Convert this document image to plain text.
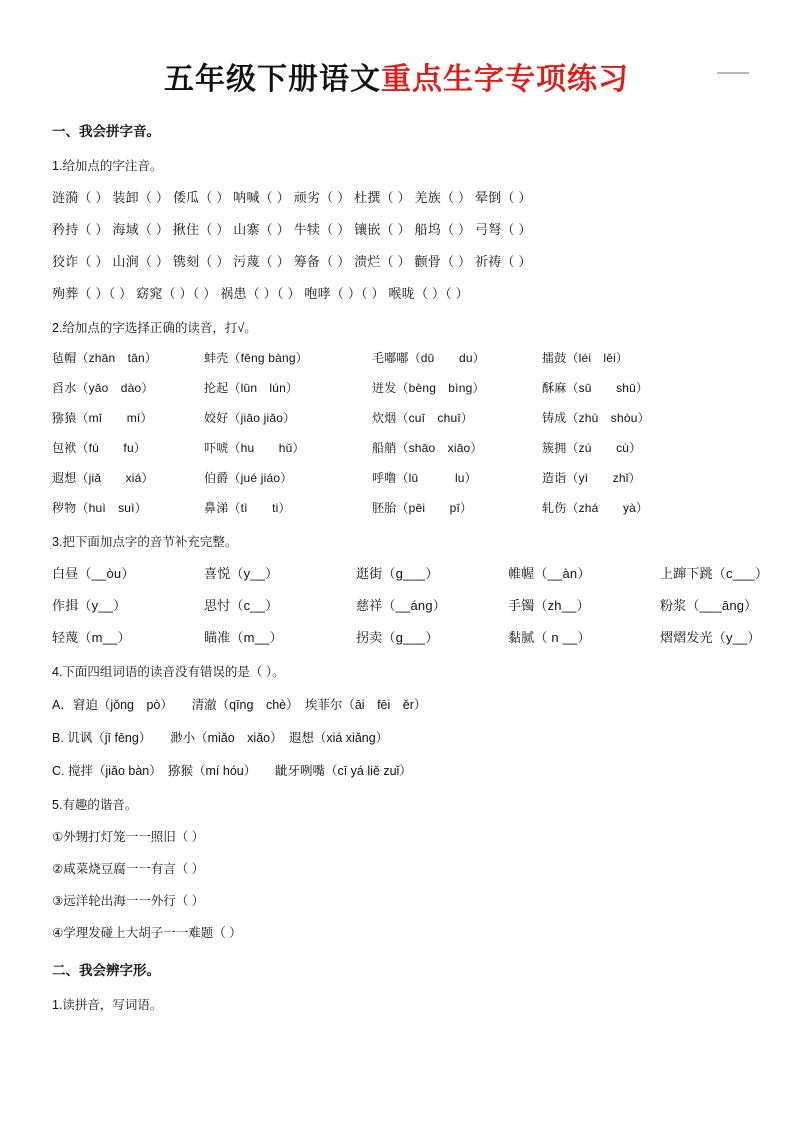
五年级下册语文重点生字专项练习
一、我会拼字音。
1.给加点的字注音。
涟漪（ ） 装卸（ ） 倭瓜（ ） 呐喊（ ） 顽劣（ ） 杜撰（ ） 羌族（ ） 晕倒（ ）
矜持（ ） 海域（ ） 揪住（ ） 山寨（ ） 牛犊（ ） 镶嵌（ ） 船坞（ ） 弓弩（ ）
狡诈（ ） 山涧（ ） 镌刻（ ） 污蔑（ ） 筹备（ ） 溃烂（ ） 颧骨（ ） 祈祷（ ）
殉葬（ ）（ ） 窈窕（ ）（ ） 祸患（ ）（ ） 咆哮（ ）（ ） 喉咙（ ）（ ）
2.给加点的字选择正确的读音，打√。
毡帽（zhān　tǎn）	蚌壳（fēng bàng）	毛嘟嘟（dū　　du）	擂鼓（léi　lěi）
舀水（yǎo　dào）	抡起（lūn　lún）	迸发（bèng　bìng）	酥麻（sū　　shū）
猕猿（mī　　mí）	姣好（jiāo jiǎo）	炊烟（cuī　chuī）	铸成（zhù　shòu）
包袱（fú　　fu）	吓唬（hu　　hǔ）	船艄（shāo　xiāo）	簇拥（zú　　cù）
遐想（jiǎ　　xiá）	伯爵（jué jiáo）	呼噜（lū　　　lu）	造诣（yì　　zhǐ）
秽物（huì　suì）	鼻涕（tì　　ti）	胚胎（pēi　　pī）	轧伤（zhá　　yà）
3.把下面加点字的音节补充完整。
白昼（__òu）	喜悦（y__）	逛街（g___）	帷幄（__àn）	上蹿下跳（c___）
作揖（y__）	思忖（c__）	慈祥（__áng）	手镯（zh__）	粉浆（___āng）
轻蔑（m__）	瞄准（m__）	拐卖（g___）	黏腻（ n __）	熠熠发光（y__）
4.下面四组词语的读音没有错误的是（ ）。
A．窘迫（jǒng　pò）　　清澈（qīng　chè）　埃菲尔（āi　fēi　ěr）
B. 讥讽（jī fēng）　　渺小（miǎo　xiǎo）　遐想（xiá xiǎng）
C. 搅拌（jiǎo bàn）　猕猴（mí hóu）　　龇牙咧嘴（cī yá liě zuǐ）
5.有趣的谐音。
①外甥打灯笼一一照旧（ ）
②咸菜烧豆腐一一有言（ ）
③远洋轮出海一一外行（ ）
④学理发碰上大胡子一一难题（ ）
二、我会辨字形。
1.读拼音，写词语。
